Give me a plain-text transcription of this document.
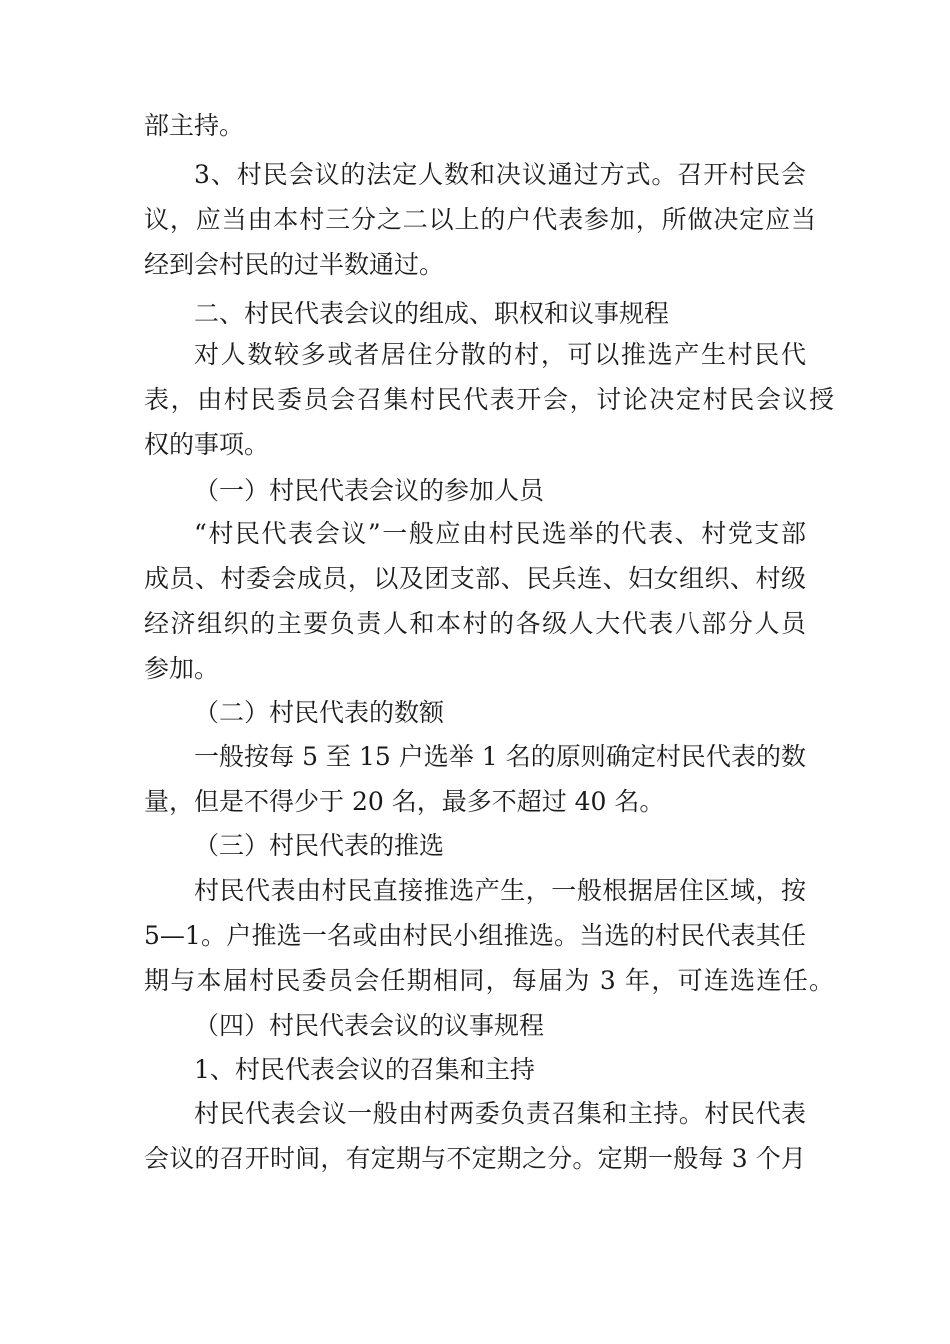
部主持。

3、村民会议的法定人数和决议通过方式。召开村民会

议，应当由本村三分之二以上的户代表参加，所做决定应当

经到会村民的过半数通过。

二、村民代表会议的组成、职权和议事规程

对人数较多或者居住分散的村，可以推选产生村民代

表，由村民委员会召集村民代表开会，讨论决定村民会议授

权的事项。

（一）村民代表会议的参加人员

“村民代表会议”一般应由村民选举的代表、村党支部

成员、村委会成员，以及团支部、民兵连、妇女组织、村级

经济组织的主要负责人和本村的各级人大代表八部分人员

参加。

（二）村民代表的数额

一般按每 5 至 15 户选举 1 名的原则确定村民代表的数

量，但是不得少于 20 名，最多不超过 40 名。

（三）村民代表的推选

村民代表由村民直接推选产生，一般根据居住区域，按

5—1。户推选一名或由村民小组推选。当选的村民代表其任

期与本届村民委员会任期相同，每届为 3 年，可连选连任。

（四）村民代表会议的议事规程

1、村民代表会议的召集和主持

村民代表会议一般由村两委负责召集和主持。村民代表

会议的召开时间，有定期与不定期之分。定期一般每 3 个月
